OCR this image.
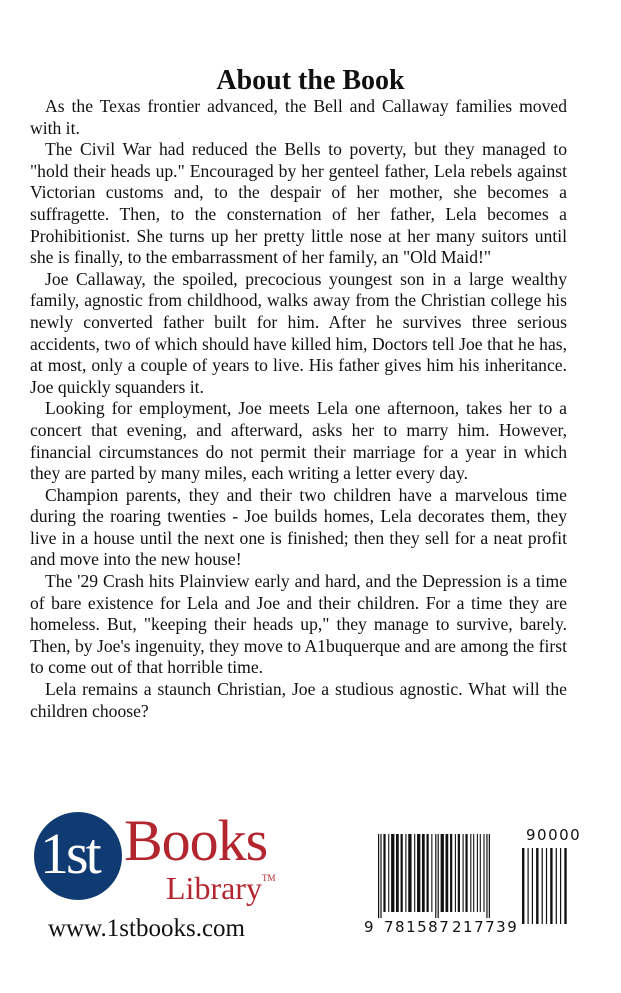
About the Book

As the Texas frontier advanced, the Bell and Callaway families moved with it.

The Civil War had reduced the Bells to poverty, but they managed to "hold their heads up." Encouraged by her genteel father, Lela rebels against Victorian customs and, to the despair of her mother, she becomes a suffragette. Then, to the consternation of her father, Lela becomes a Prohibitionist. She turns up her pretty little nose at her many suitors until she is finally, to the embarrassment of her family, an "Old Maid!"

Joe Callaway, the spoiled, precocious youngest son in a large wealthy family, agnostic from childhood, walks away from the Christian college his newly converted father built for him. After he survives three serious accidents, two of which should have killed him, Doctors tell Joe that he has, at most, only a couple of years to live. His father gives him his inheritance. Joe quickly squanders it.

Looking for employment, Joe meets Lela one afternoon, takes her to a concert that evening, and afterward, asks her to marry him. However, financial circumstances do not permit their marriage for a year in which they are parted by many miles, each writing a letter every day.

Champion parents, they and their two children have a marvelous time during the roaring twenties - Joe builds homes, Lela decorates them, they live in a house until the next one is finished; then they sell for a neat profit and move into the new house!

The '29 Crash hits Plainview early and hard, and the Depression is a time of bare existence for Lela and Joe and their children. For a time they are homeless. But, "keeping their heads up," they manage to survive, barely. Then, by Joe's ingenuity, they move to A1buquerque and are among the first to come out of that horrible time.

Lela remains a staunch Christian, Joe a studious agnostic. What will the children choose?

1st Books
LibraryTM
www.1stbooks.com	9 781587 217739
90000
